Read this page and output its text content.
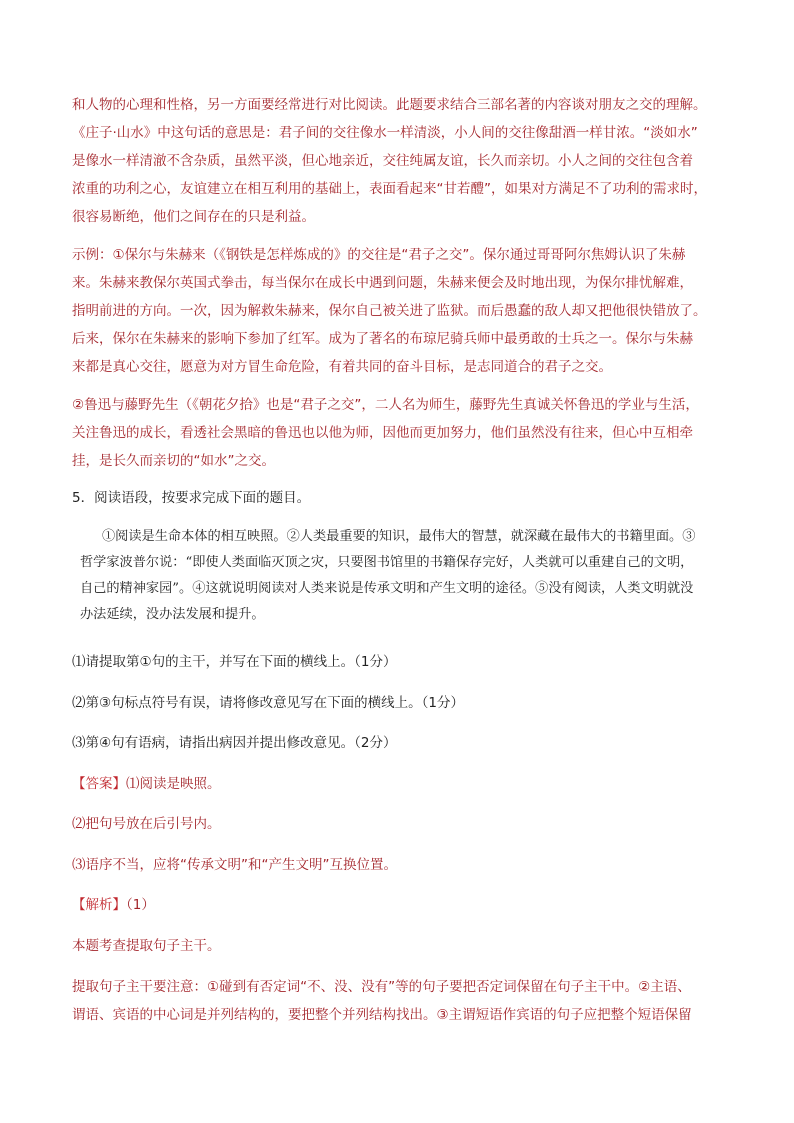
和人物的心理和性格，另一方面要经常进行对比阅读。此题要求结合三部名著的内容谈对朋友之交的理解。
《庄子·山水》中这句话的意思是：君子间的交往像水一样清淡，小人间的交往像甜酒一样甘浓。“淡如水”
是像水一样清澈不含杂质，虽然平淡，但心地亲近，交往纯属友谊，长久而亲切。小人之间的交往包含着
浓重的功利之心，友谊建立在相互利用的基础上，表面看起来“甘若醴”，如果对方满足不了功利的需求时，
很容易断绝，他们之间存在的只是利益。
示例：①保尔与朱赫来（《钢铁是怎样炼成的》的交往是“君子之交”。保尔通过哥哥阿尔焦姆认识了朱赫
来。朱赫来教保尔英国式拳击，每当保尔在成长中遇到问题，朱赫来便会及时地出现，为保尔排忧解难，
指明前进的方向。一次，因为解救朱赫来，保尔自己被关进了监狱。而后愚蠢的敌人却又把他很快错放了。
后来，保尔在朱赫来的影响下参加了红军。成为了著名的布琼尼骑兵师中最勇敢的士兵之一。保尔与朱赫
来都是真心交往，愿意为对方冒生命危险，有着共同的奋斗目标，是志同道合的君子之交。
②鲁迅与藤野先生（《朝花夕拾》也是“君子之交”，二人名为师生，藤野先生真诚关怀鲁迅的学业与生活，
关注鲁迅的成长，看透社会黑暗的鲁迅也以他为师，因他而更加努力，他们虽然没有往来，但心中互相牵
挂，是长久而亲切的“如水”之交。
5．阅读语段，按要求完成下面的题目。
①阅读是生命本体的相互映照。②人类最重要的知识，最伟大的智慧，就深藏在最伟大的书籍里面。③
哲学家波普尔说：“即使人类面临灭顶之灾，只要图书馆里的书籍保存完好，人类就可以重建自己的文明，
自己的精神家园”。④这就说明阅读对人类来说是传承文明和产生文明的途径。⑤没有阅读，人类文明就没
办法延续，没办法发展和提升。
⑴请提取第①句的主干，并写在下面的横线上。（1分）
⑵第③句标点符号有误，请将修改意见写在下面的横线上。（1分）
⑶第④句有语病，请指出病因并提出修改意见。（2分）
【答案】⑴阅读是映照。
⑵把句号放在后引号内。
⑶语序不当，应将“传承文明”和“产生文明”互换位置。
【解析】（1）
本题考查提取句子主干。
提取句子主干要注意：①碰到有否定词“不、没、没有”等的句子要把否定词保留在句子主干中。②主语、
谓语、宾语的中心词是并列结构的，要把整个并列结构找出。③主谓短语作宾语的句子应把整个短语保留
